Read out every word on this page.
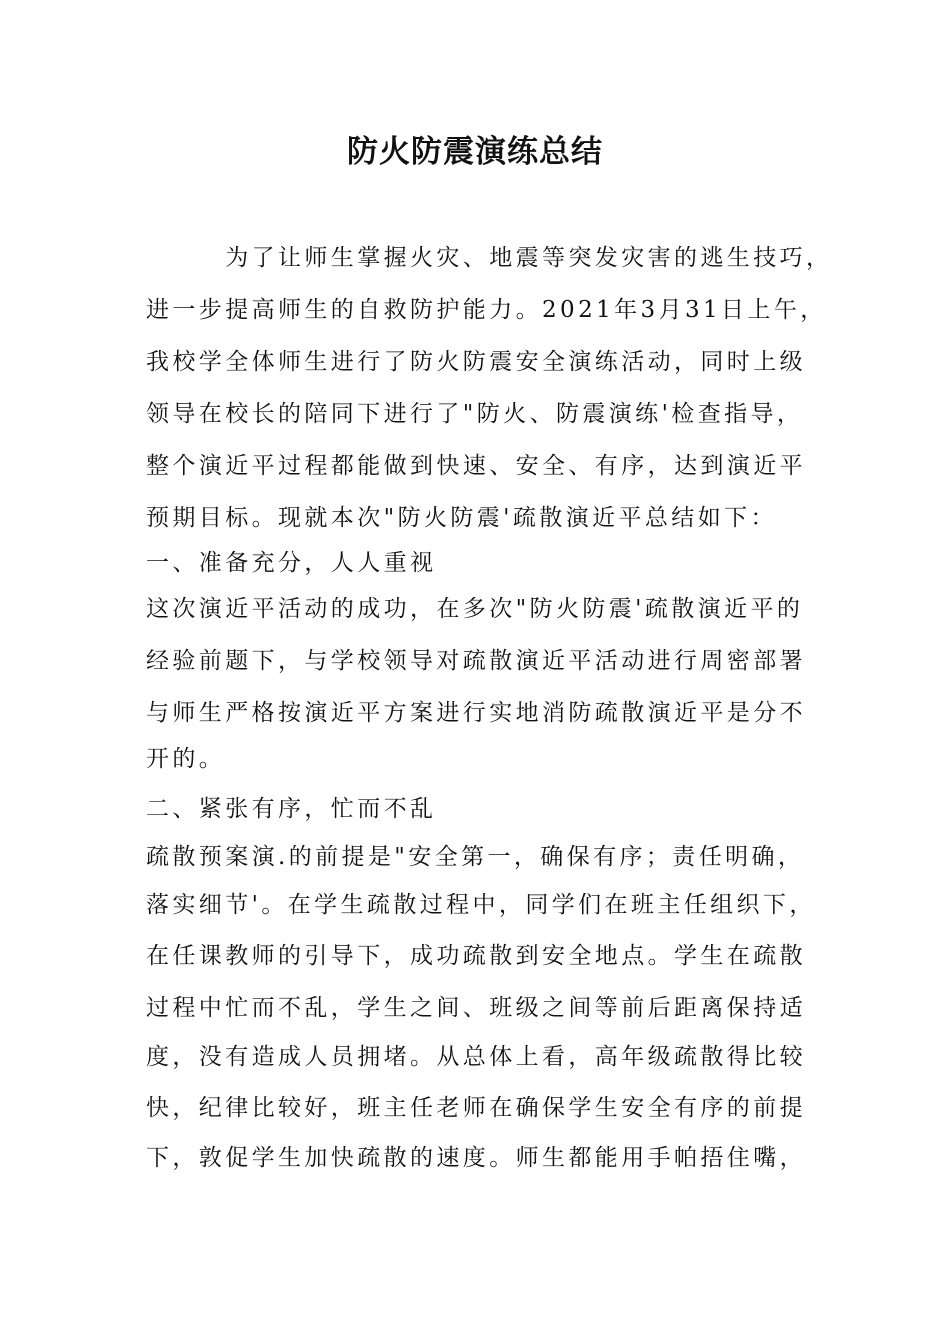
防火防震演练总结
　　　为了让师生掌握火灾、地震等突发灾害的逃生技巧，
进一步提高师生的自救防护能力。2021年3月31日上午，
我校学全体师生进行了防火防震安全演练活动，同时上级
领导在校长的陪同下进行了"防火、防震演练'检查指导，
整个演近平过程都能做到快速、安全、有序，达到演近平
预期目标。现就本次"防火防震'疏散演近平总结如下：
一、准备充分，人人重视
这次演近平活动的成功，在多次"防火防震'疏散演近平的
经验前题下，与学校领导对疏散演近平活动进行周密部署
与师生严格按演近平方案进行实地消防疏散演近平是分不
开的。
二、紧张有序，忙而不乱
疏散预案演.的前提是"安全第一，确保有序；责任明确，
落实细节'。在学生疏散过程中，同学们在班主任组织下，
在任课教师的引导下，成功疏散到安全地点。学生在疏散
过程中忙而不乱，学生之间、班级之间等前后距离保持适
度，没有造成人员拥堵。从总体上看，高年级疏散得比较
快，纪律比较好，班主任老师在确保学生安全有序的前提
下，敦促学生加快疏散的速度。师生都能用手帕捂住嘴，
